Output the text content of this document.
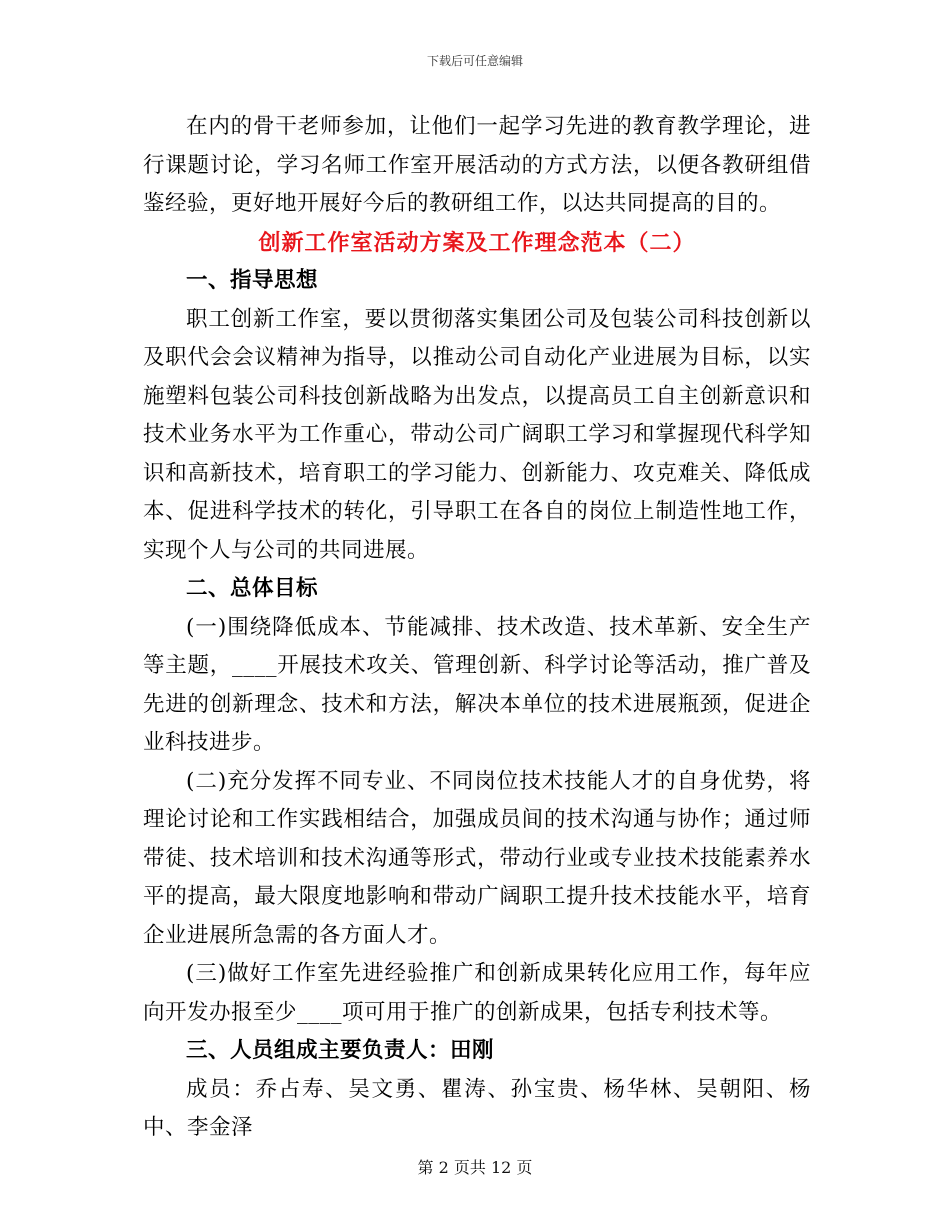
下载后可任意编辑

在内的骨干老师参加，让他们一起学习先进的教育教学理论，进行课题讨论，学习名师工作室开展活动的方式方法，以便各教研组借鉴经验，更好地开展好今后的教研组工作，以达共同提高的目的。

创新工作室活动方案及工作理念范本（二）
一、指导思想

职工创新工作室，要以贯彻落实集团公司及包装公司科技创新以及职代会会议精神为指导，以推动公司自动化产业进展为目标，以实施塑料包装公司科技创新战略为出发点，以提高员工自主创新意识和技术业务水平为工作重心，带动公司广阔职工学习和掌握现代科学知识和高新技术，培育职工的学习能力、创新能力、攻克难关、降低成本、促进科学技术的转化，引导职工在各自的岗位上制造性地工作，实现个人与公司的共同进展。

二、总体目标

(一)围绕降低成本、节能减排、技术改造、技术革新、安全生产等主题，____开展技术攻关、管理创新、科学讨论等活动，推广普及先进的创新理念、技术和方法，解决本单位的技术进展瓶颈，促进企业科技进步。

(二)充分发挥不同专业、不同岗位技术技能人才的自身优势，将理论讨论和工作实践相结合，加强成员间的技术沟通与协作；通过师带徒、技术培训和技术沟通等形式，带动行业或专业技术技能素养水平的提高，最大限度地影响和带动广阔职工提升技术技能水平，培育企业进展所急需的各方面人才。

(三)做好工作室先进经验推广和创新成果转化应用工作，每年应向开发办报至少____项可用于推广的创新成果，包括专利技术等。

三、人员组成主要负责人：田刚

成员：乔占寿、吴文勇、瞿涛、孙宝贵、杨华林、吴朝阳、杨中、李金泽

第 2 页共 12 页
